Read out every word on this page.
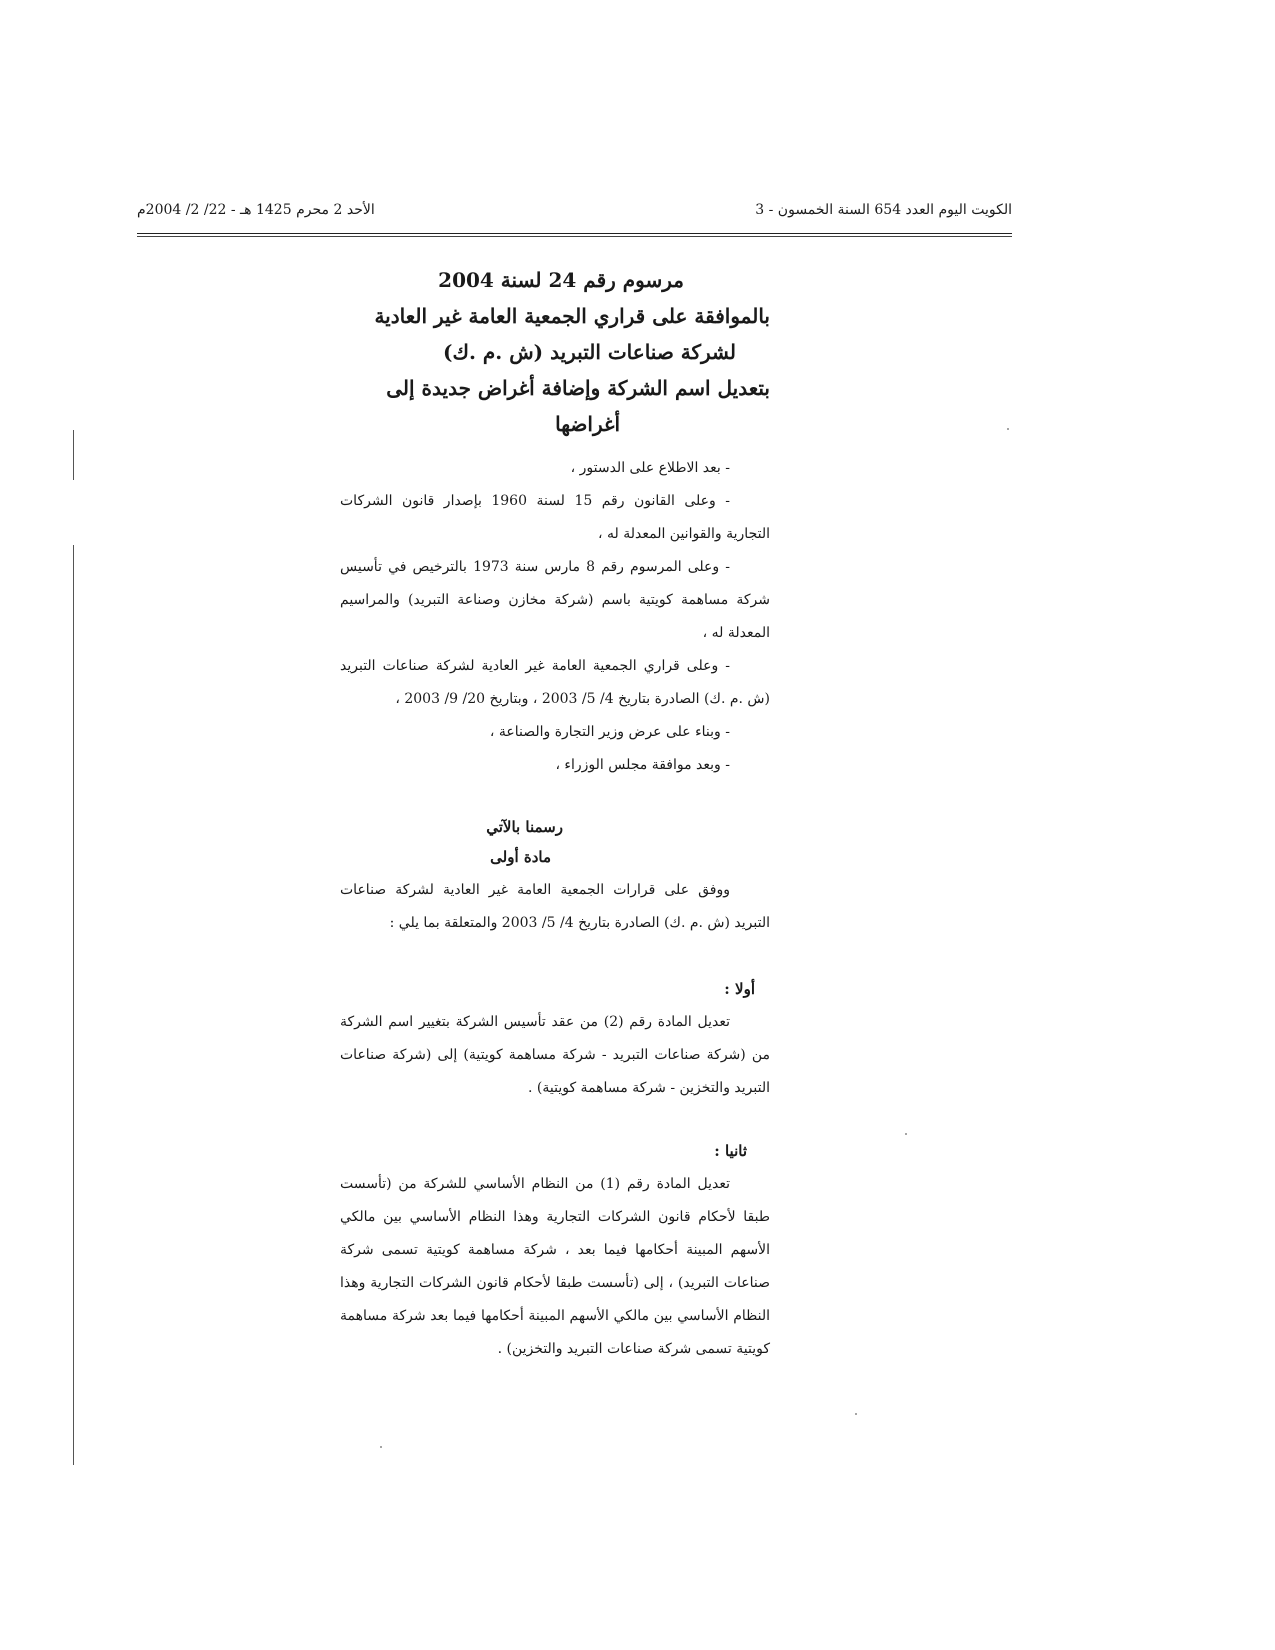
الكويت اليوم العدد 654 السنة الخمسون - 3
الأحد 2 محرم 1425 هـ - 22/ 2/ 2004م
مرسوم رقم 24 لسنة 2004
بالموافقة على قراري الجمعية العامة غير العادية
لشركة صناعات التبريد (ش .م .ك)
بتعديل اسم الشركة وإضافة أغراض جديدة إلى
أغراضها

- بعد الاطلاع على الدستور ،

- وعلى القانون رقم 15 لسنة 1960 بإصدار قانون الشركات التجارية والقوانين المعدلة له ،

- وعلى المرسوم رقم 8 مارس سنة 1973 بالترخيص في تأسيس شركة مساهمة كويتية باسم (شركة مخازن وصناعة التبريد) والمراسيم المعدلة له ،

- وعلى قراري الجمعية العامة غير العادية لشركة صناعات التبريد (ش .م .ك) الصادرة بتاريخ 4/ 5/ 2003 ، وبتاريخ 20/ 9/ 2003 ،

- وبناء على عرض وزير التجارة والصناعة ،

- وبعد موافقة مجلس الوزراء ،

رسمنا بالآتي
مادة أولى

ووفق على قرارات الجمعية العامة غير العادية لشركة صناعات التبريد (ش .م .ك) الصادرة بتاريخ 4/ 5/ 2003 والمتعلقة بما يلي :

أولا :

تعديل المادة رقم (2) من عقد تأسيس الشركة بتغيير اسم الشركة من (شركة صناعات التبريد - شركة مساهمة كويتية) إلى (شركة صناعات التبريد والتخزين - شركة مساهمة كويتية) .

ثانيا :

تعديل المادة رقم (1) من النظام الأساسي للشركة من (تأسست طبقا لأحكام قانون الشركات التجارية وهذا النظام الأساسي بين مالكي الأسهم المبينة أحكامها فيما بعد ، شركة مساهمة كويتية تسمى شركة صناعات التبريد) ، إلى (تأسست طبقا لأحكام قانون الشركات التجارية وهذا النظام الأساسي بين مالكي الأسهم المبينة أحكامها فيما بعد شركة مساهمة كويتية تسمى شركة صناعات التبريد والتخزين) .
